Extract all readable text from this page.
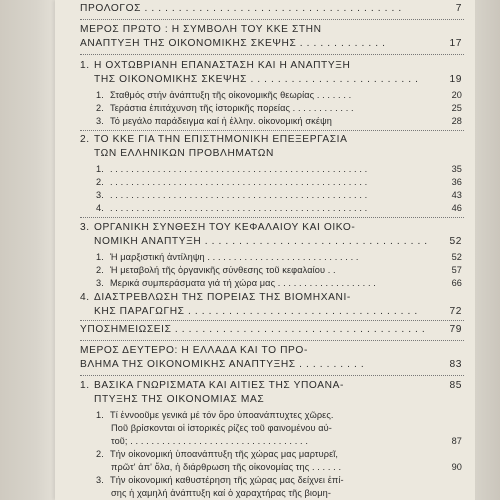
ΠΡΟΛΟΓΟΣ . . . . . . . . . . . . . . . . . . . . . . . . . . . . . . . . . . . . . .	7
ΜΕΡΟΣ ΠΡΩΤΟ : Η ΣΥΜΒΟΛΗ ΤΟΥ ΚΚΕ ΣΤΗΝ
ΑΝΑΠΤΥΞΗ ΤΗΣ ΟΙΚΟΝΟΜΙΚΗΣ ΣΚΕΨΗΣ . . . . . . . . . . . . .	17
1. Η ΟΧΤΩΒΡΙΑΝΗ ΕΠΑΝΑΣΤΑΣΗ ΚΑΙ Η ΑΝΑΠΤΥΞΗ
ΤΗΣ ΟΙΚΟΝΟΜΙΚΗΣ ΣΚΕΨΗΣ . . . . . . . . . . . . . . . . . . . . . . . . .	19
1. Σταθμός στήν ἀνάπτυξη τῆς οἰκονομικῆς θεωρίας . . . . . . .	20
2. Τεράστια ἐπιτάχυνση τῆς ἱστορικῆς πορείας . . . . . . . . . . . .	25
3. Τό μεγάλο παράδειγμα καί ἡ ἑλλην. οἰκονομική σκέψη	28
2. ΤΟ ΚΚΕ ΓΙΑ ΤΗΝ ΕΠΙΣΤΗΜΟΝΙΚΗ ΕΠΕΞΕΡΓΑΣΙΑ
ΤΩΝ ΕΛΛΗΝΙΚΩΝ ΠΡΟΒΛΗΜΑΤΩΝ
1. . . . . . . . . . . . . . . . . . . . . . . . . . . . . . . . . . . . . . . . . . . . . . . . . .	35
2. . . . . . . . . . . . . . . . . . . . . . . . . . . . . . . . . . . . . . . . . . . . . . . . . .	36
3. . . . . . . . . . . . . . . . . . . . . . . . . . . . . . . . . . . . . . . . . . . . . . . . . .	43
4. . . . . . . . . . . . . . . . . . . . . . . . . . . . . . . . . . . . . . . . . . . . . . . . . .	46
3. ΟΡΓΑΝΙΚΗ ΣΥΝΘΕΣΗ ΤΟΥ ΚΕΦΑΛΑΙΟΥ ΚΑΙ ΟΙΚΟ-
ΝΟΜΙΚΗ ΑΝΑΠΤΥΞΗ . . . . . . . . . . . . . . . . . . . . . . . . . . . . . . . . .	52
1. Ἡ μαρξιστική ἀντίληψη . . . . . . . . . . . . . . . . . . . . . . . . . . . . .	52
2. Ἡ μεταβολή τῆς ὀργανικῆς σύνθεσης τοῦ κεφαλαίου . .	57
3. Μερικά συμπεράσματα γιά τή χώρα μας . . . . . . . . . . . . . . . . . . .	66
4. ΔΙΑΣΤΡΕΒΛΩΣΗ ΤΗΣ ΠΟΡΕΙΑΣ ΤΗΣ ΒΙΟΜΗΧΑΝΙ-
ΚΗΣ ΠΑΡΑΓΩΓΗΣ . . . . . . . . . . . . . . . . . . . . . . . . . . . . . . . . . .	72
ΥΠΟΣΗΜΕΙΩΣΕΙΣ . . . . . . . . . . . . . . . . . . . . . . . . . . . . . . . . . . . . .	79
ΜΕΡΟΣ ΔΕΥΤΕΡΟ: Η ΕΛΛΑΔΑ ΚΑΙ ΤΟ ΠΡΟ-
ΒΛΗΜΑ ΤΗΣ ΟΙΚΟΝΟΜΙΚΗΣ ΑΝΑΠΤΥΞΗΣ . . . . . . . . . .	83
1. ΒΑΣΙΚΑ ΓΝΩΡΙΣΜΑΤΑ ΚΑΙ ΑΙΤΙΕΣ ΤΗΣ ΥΠΟΑΝΑ-	85
ΠΤΥΞΗΣ ΤΗΣ ΟΙΚΟΝΟΜΙΑΣ ΜΑΣ
1. Τί ἐννοοῦμε γενικά μέ τόν ὅρο ὑποανάπτυχτες χῶρες.
Ποῦ βρίσκονται οἱ ἱστορικές ρίζες τοῦ φαινομένου αὐ-
τοῦ; . . . . . . . . . . . . . . . . . . . . . . . . . . . . . . . . . .	87
2. Τήν οἰκονομική ὑποανάπτυξη τῆς χώρας μας μαρτυρεῖ,
πρῶτ' ἀπ' ὅλα, ἡ διάρθρωση τῆς οἰκονομίας της . . . . . .	90
3. Τήν οἰκονομική καθυστέρηση τῆς χώρας μας δείχνει ἐπί-
σης ἡ χαμηλή ἀνάπτυξη καί ὁ χαραχτήρας τῆς βιομη-
